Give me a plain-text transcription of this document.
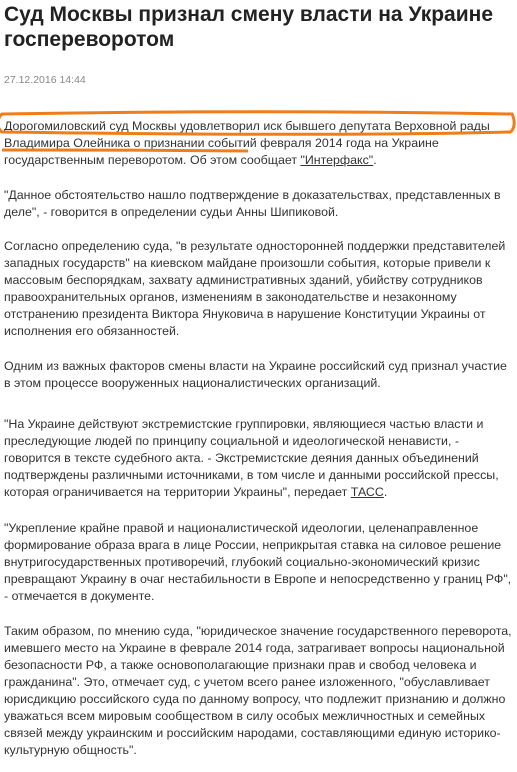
Суд Москвы признал смену власти на Украине госпереворотом
27.12.2016 14:44

Дорогомиловский суд Москвы удовлетворил иск бывшего депутата Верховной рады Владимира Олейника о признании событий февраля 2014 года на Украине государственным переворотом. Об этом сообщает "Интерфакс".

"Данное обстоятельство нашло подтверждение в доказательствах, представленных в деле", - говорится в определении судьи Анны Шипиковой.

Согласно определению суда, "в результате односторонней поддержки представителей западных государств" на киевском майдане произошли события, которые привели к массовым беспорядкам, захвату административных зданий, убийству сотрудников правоохранительных органов, изменениям в законодательстве и незаконному отстранению президента Виктора Януковича в нарушение Конституции Украины от исполнения его обязанностей.

Одним из важных факторов смены власти на Украине российский суд признал участие в этом процессе вооруженных националистических организаций.

"На Украине действуют экстремистские группировки, являющиеся частью власти и преследующие людей по принципу социальной и идеологической ненависти, - говорится в тексте судебного акта. - Экстремистские деяния данных объединений подтверждены различными источниками, в том числе и данными российской прессы, которая ограничивается на территории Украины", передает ТАСС.

"Укрепление крайне правой и националистической идеологии, целенаправленное формирование образа врага в лице России, неприкрытая ставка на силовое решение внутригосударственных противоречий, глубокий социально-экономический кризис превращают Украину в очаг нестабильности в Европе и непосредственно у границ РФ", - отмечается в документе.

Таким образом, по мнению суда, "юридическое значение государственного переворота, имевшего место на Украине в феврале 2014 года, затрагивает вопросы национальной безопасности РФ, а также основополагающие признаки прав и свобод человека и гражданина". Это, отмечает суд, с учетом всего ранее изложенного, "обуславливает юрисдикцию российского суда по данному вопросу, что подлежит признанию и должно уважаться всем мировым сообществом в силу особых межличностных и семейных связей между украинским и российским народами, составляющими единую историко-культурную общность".
